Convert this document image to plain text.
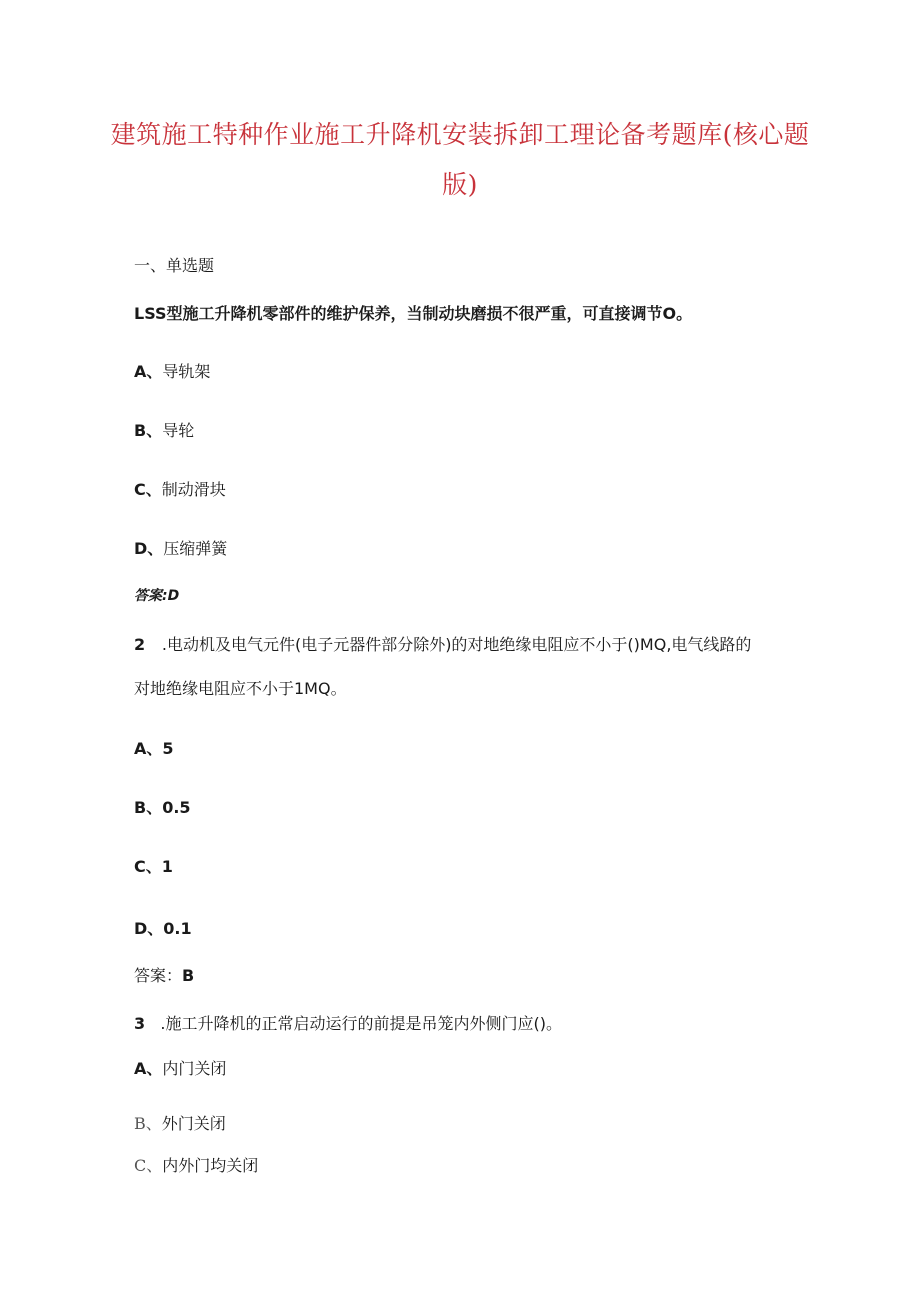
建筑施工特种作业施工升降机安装拆卸工理论备考题库(核心题
版)

一、单选题

LSS型施工升降机零部件的维护保养，当制动块磨损不很严重，可直接调节O。

A、导轨架

B、导轮

C、制动滑块

D、压缩弹簧

答案:D

2 .电动机及电气元件(电子元器件部分除外)的对地绝缘电阻应不小于()MQ,电气线路的

对地绝缘电阻应不小于1MQ。

A、5

B、0.5

C、1

D、0.1

答案：B

3 .施工升降机的正常启动运行的前提是吊笼内外侧门应()。

A、内门关闭

B、外门关闭

C、内外门均关闭
